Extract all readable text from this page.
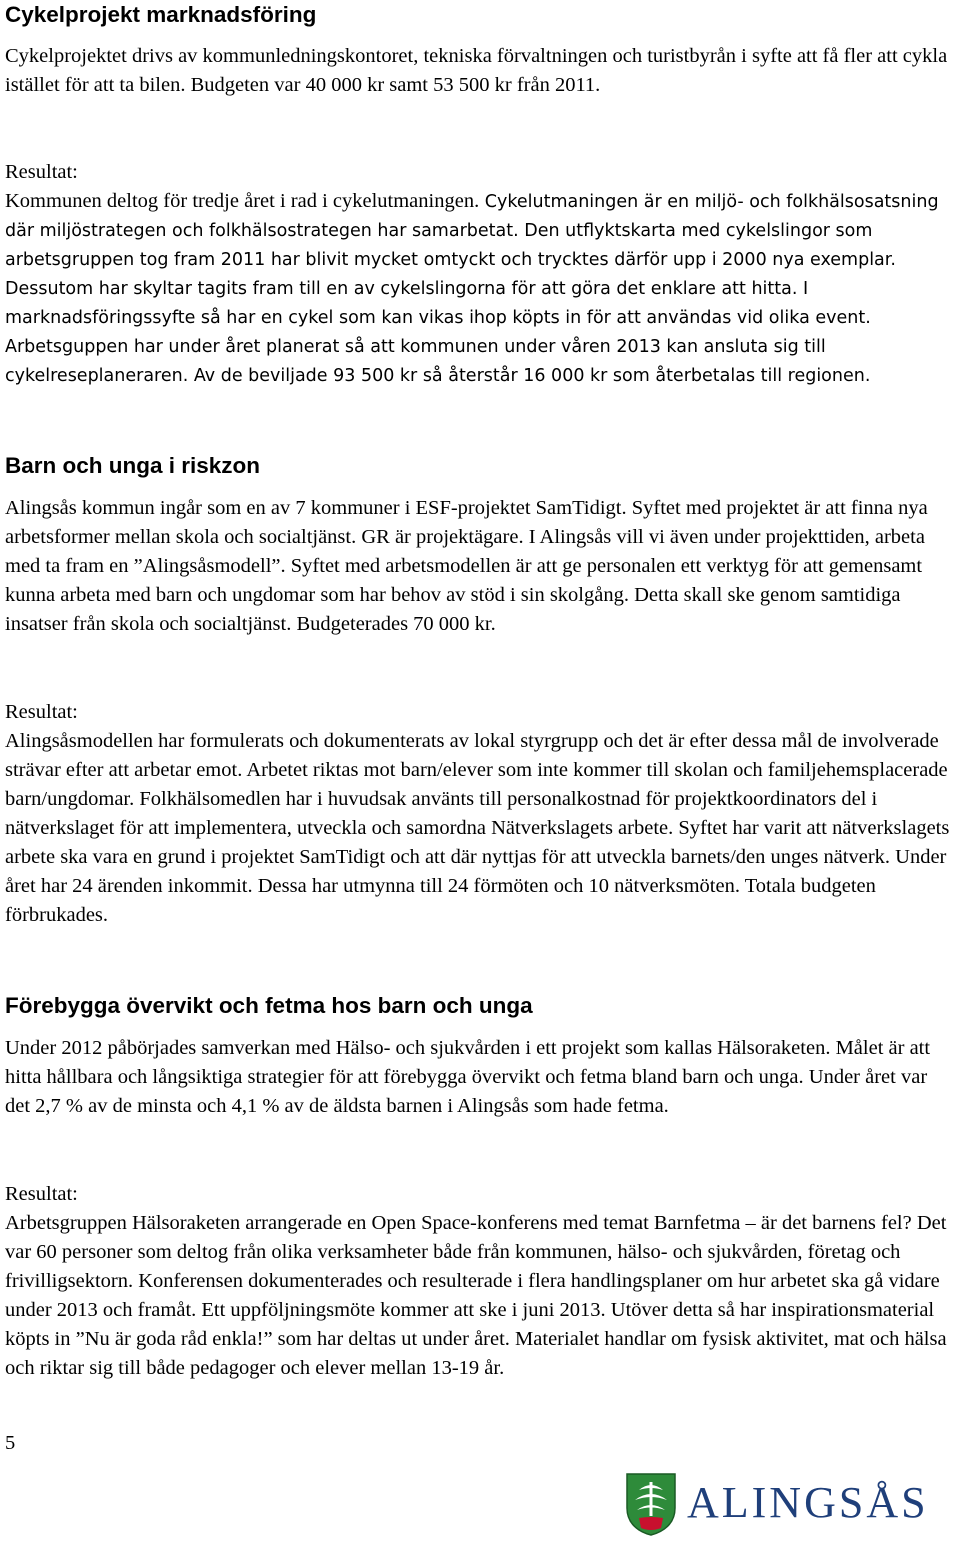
Cykelprojekt marknadsföring

Cykelprojektet drivs av kommunledningskontoret, tekniska förvaltningen och turistbyrån i syfte att få fler att cykla istället för att ta bilen. Budgeten var 40 000 kr samt 53 500 kr från 2011.

Resultat:

Kommunen deltog för tredje året i rad i cykelutmaningen. Cykelutmaningen är en miljö- och folkhälsosatsning där miljöstrategen och folkhälsostrategen har samarbetat. Den utflyktskarta med cykelslingor som arbetsgruppen tog fram 2011 har blivit mycket omtyckt och trycktes därför upp i 2000 nya exemplar. Dessutom har skyltar tagits fram till en av cykelslingorna för att göra det enklare att hitta. I marknadsföringssyfte så har en cykel som kan vikas ihop köpts in för att användas vid olika event. Arbetsguppen har under året planerat så att kommunen under våren 2013 kan ansluta sig till cykelreseplaneraren. Av de beviljade 93 500 kr så återstår 16 000 kr som återbetalas till regionen.

Barn och unga i riskzon

Alingsås kommun ingår som en av 7 kommuner i ESF-projektet SamTidigt. Syftet med projektet är att finna nya arbetsformer mellan skola och socialtjänst. GR är projektägare. I Alingsås vill vi även under projekttiden, arbeta med ta fram en ”Alingsåsmodell”. Syftet med arbetsmodellen är att ge personalen ett verktyg för att gemensamt kunna arbeta med barn och ungdomar som har behov av stöd i sin skolgång. Detta skall ske genom samtidiga insatser från skola och socialtjänst. Budgeterades 70 000 kr.

Resultat:

Alingsåsmodellen har formulerats och dokumenterats av lokal styrgrupp och det är efter dessa mål de involverade strävar efter att arbetar emot. Arbetet riktas mot barn/elever som inte kommer till skolan och familjehemsplacerade barn/ungdomar. Folkhälsomedlen har i huvudsak använts till personalkostnad för projektkoordinators del i nätverkslaget för att implementera, utveckla och samordna Nätverkslagets arbete. Syftet har varit att nätverkslagets arbete ska vara en grund i projektet SamTidigt och att där nyttjas för att utveckla barnets/den unges nätverk. Under året har 24 ärenden inkommit. Dessa har utmynna till 24 förmöten och 10 nätverksmöten. Totala budgeten förbrukades.

Förebygga övervikt och fetma hos barn och unga

Under 2012 påbörjades samverkan med Hälso- och sjukvården i ett projekt som kallas Hälsoraketen. Målet är att hitta hållbara och långsiktiga strategier för att förebygga övervikt och fetma bland barn och unga. Under året var det 2,7 % av de minsta och 4,1 % av de äldsta barnen i Alingsås som hade fetma.

Resultat:

Arbetsgruppen Hälsoraketen arrangerade en Open Space-konferens med temat Barnfetma – är det barnens fel? Det var 60 personer som deltog från olika verksamheter både från kommunen, hälso- och sjukvården, företag och frivilligsektorn. Konferensen dokumenterades och resulterade i flera handlingsplaner om hur arbetet ska gå vidare under 2013 och framåt. Ett uppföljningsmöte kommer att ske i juni 2013. Utöver detta så har inspirationsmaterial köpts in ”Nu är goda råd enkla!” som har deltas ut under året. Materialet handlar om fysisk aktivitet, mat och hälsa och riktar sig till både pedagoger och elever mellan 13-19 år.

5
ALINGSÅS
